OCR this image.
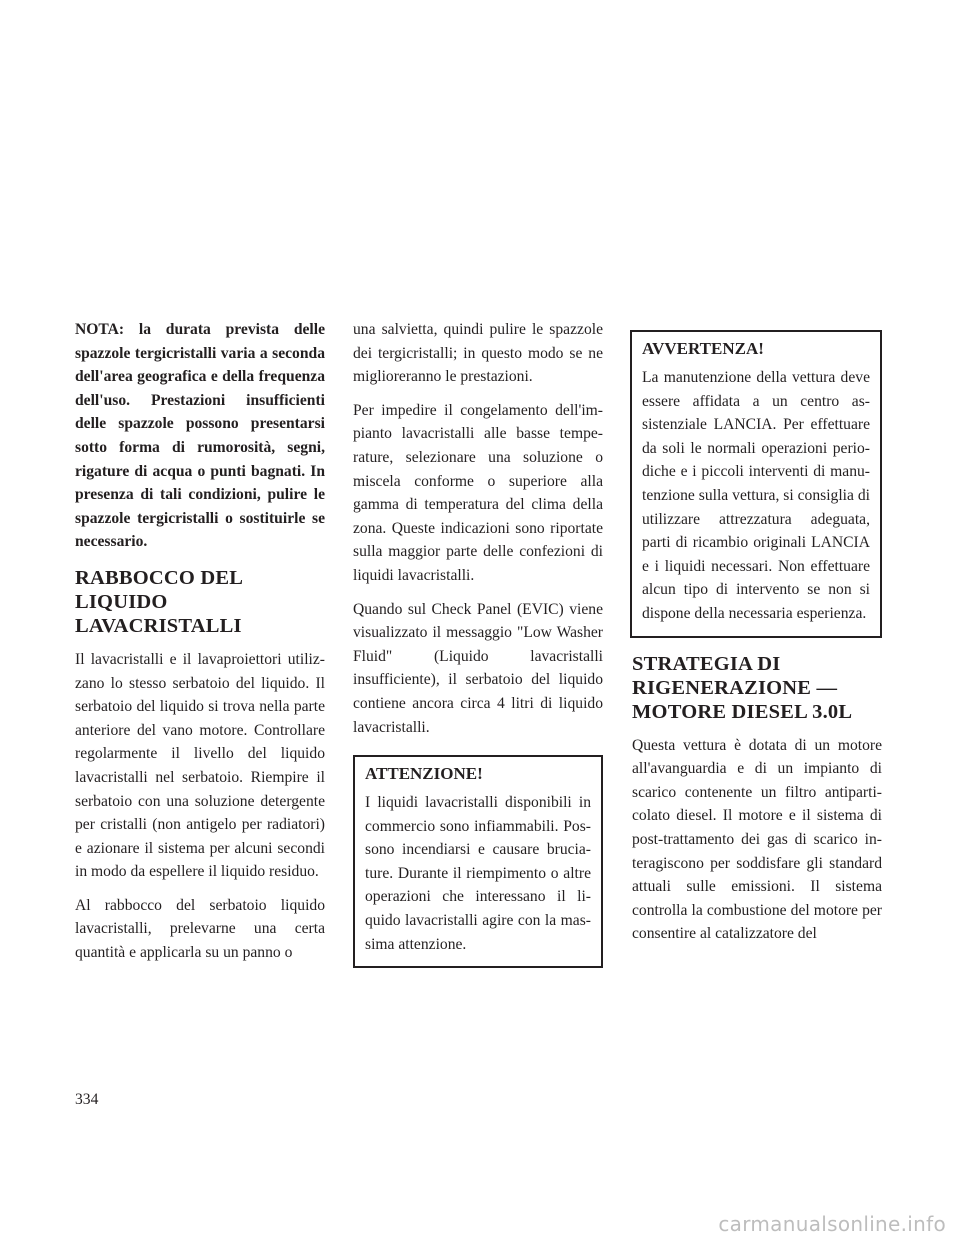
NOTA: la durata prevista delle spazzole tergicristalli varia a seconda dell'area geografica e della frequenza dell'uso. Prestazioni insufficienti delle spazzole possono presentarsi sotto forma di rumorosità, segni, rigature di acqua o punti bagnati. In presenza di tali condizioni, pulire le spazzole tergicristalli o sostituirle se necessario.
RABBOCCO DEL LIQUIDO
LAVACRISTALLI
Il lavacristalli e il lavaproiettori utilizzano lo stesso serbatoio del liquido. Il serbatoio del liquido si trova nella parte anteriore del vano motore. Controllare regolarmente il livello del liquido lavacristalli nel serbatoio. Riempire il serbatoio con una soluzione detergente per cristalli (non antigelo per radiatori) e azionare il sistema per alcuni secondi in modo da espellere il liquido residuo.
Al rabbocco del serbatoio liquido lavacristalli, prelevarne una certa quantità e applicarla su un panno o
una salvietta, quindi pulire le spazzole dei tergicristalli; in questo modo se ne miglioreranno le prestazioni.
Per impedire il congelamento dell'impianto lavacristalli alle basse temperature, selezionare una soluzione o miscela conforme o superiore alla gamma di temperatura del clima della zona. Queste indicazioni sono riportate sulla maggior parte delle confezioni di liquidi lavacristalli.
Quando sul Check Panel (EVIC) viene visualizzato il messaggio "Low Washer Fluid" (Liquido lavacristalli insufficiente), il serbatoio del liquido contiene ancora circa 4 litri di liquido lavacristalli.
ATTENZIONE!
I liquidi lavacristalli disponibili in commercio sono infiammabili. Possono incendiarsi e causare bruciature. Durante il riempimento o altre operazioni che interessano il liquido lavacristalli agire con la massima attenzione.
AVVERTENZA!
La manutenzione della vettura deve essere affidata a un centro assistenziale LANCIA. Per effettuare da soli le normali operazioni periodiche e i piccoli interventi di manutenzione sulla vettura, si consiglia di utilizzare attrezzatura adeguata, parti di ricambio originali LANCIA e i liquidi necessari. Non effettuare alcun tipo di intervento se non si dispone della necessaria esperienza.
STRATEGIA DI
RIGENERAZIONE —
MOTORE DIESEL 3.0L
Questa vettura è dotata di un motore all'avanguardia e di un impianto di scarico contenente un filtro antiparticolato diesel. Il motore e il sistema di post-trattamento dei gas di scarico interagiscono per soddisfare gli standard attuali sulle emissioni. Il sistema controlla la combustione del motore per consentire al catalizzatore del
334
carmanualsonline.info
